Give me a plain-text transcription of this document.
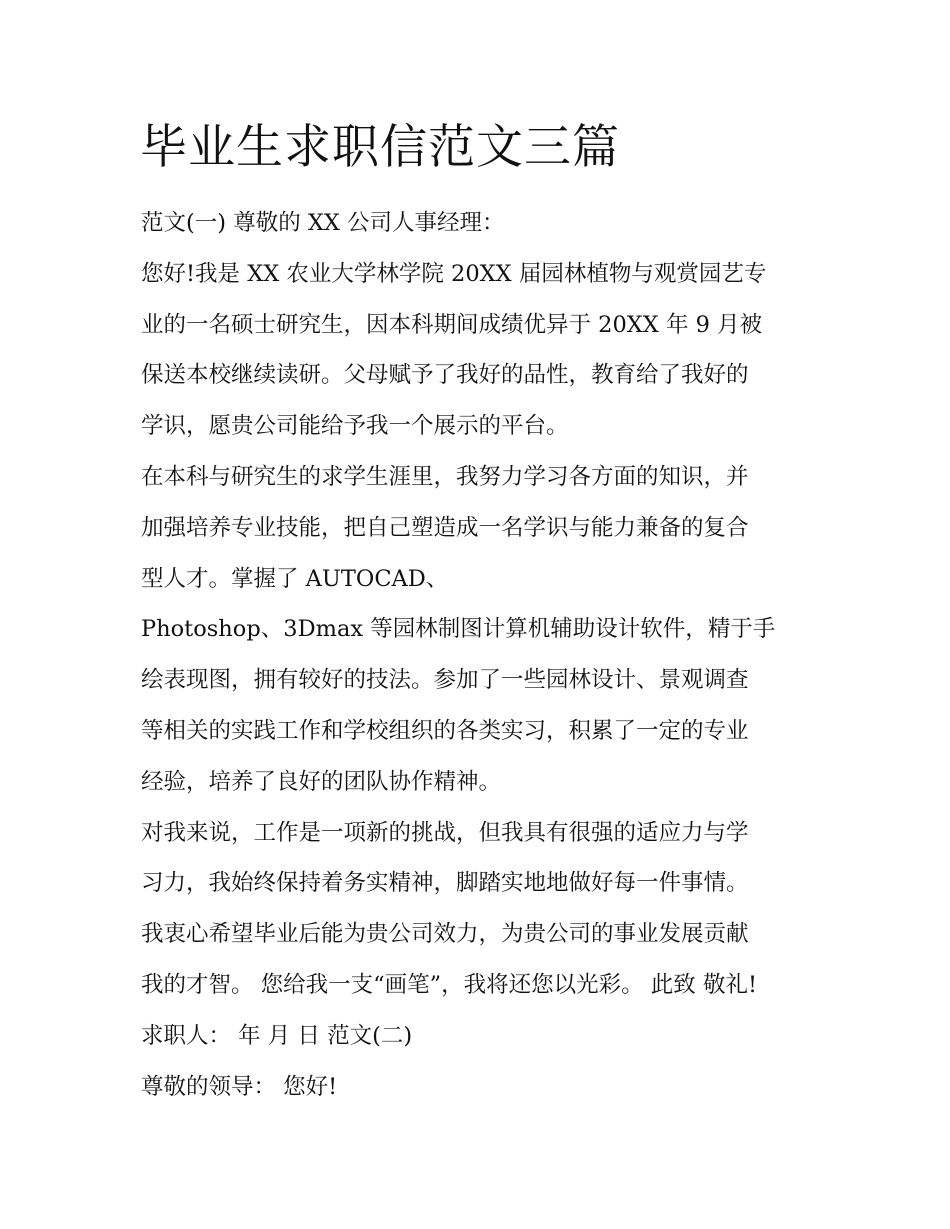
毕业生求职信范文三篇
范文(一) 尊敬的 XX 公司人事经理：
您好!我是 XX 农业大学林学院 20XX 届园林植物与观赏园艺专
业的一名硕士研究生，因本科期间成绩优异于 20XX 年 9 月被
保送本校继续读研。父母赋予了我好的品性，教育给了我好的
学识，愿贵公司能给予我一个展示的平台。
在本科与研究生的求学生涯里，我努力学习各方面的知识，并
加强培养专业技能，把自己塑造成一名学识与能力兼备的复合
型人才。掌握了 AUTOCAD、
Photoshop、3Dmax 等园林制图计算机辅助设计软件，精于手
绘表现图，拥有较好的技法。参加了一些园林设计、景观调查
等相关的实践工作和学校组织的各类实习，积累了一定的专业
经验，培养了良好的团队协作精神。
对我来说，工作是一项新的挑战，但我具有很强的适应力与学
习力，我始终保持着务实精神，脚踏实地地做好每一件事情。
我衷心希望毕业后能为贵公司效力，为贵公司的事业发展贡献
我的才智。 您给我一支“画笔”，我将还您以光彩。 此致 敬礼!
求职人： 年 月 日 范文(二)
尊敬的领导： 您好!
